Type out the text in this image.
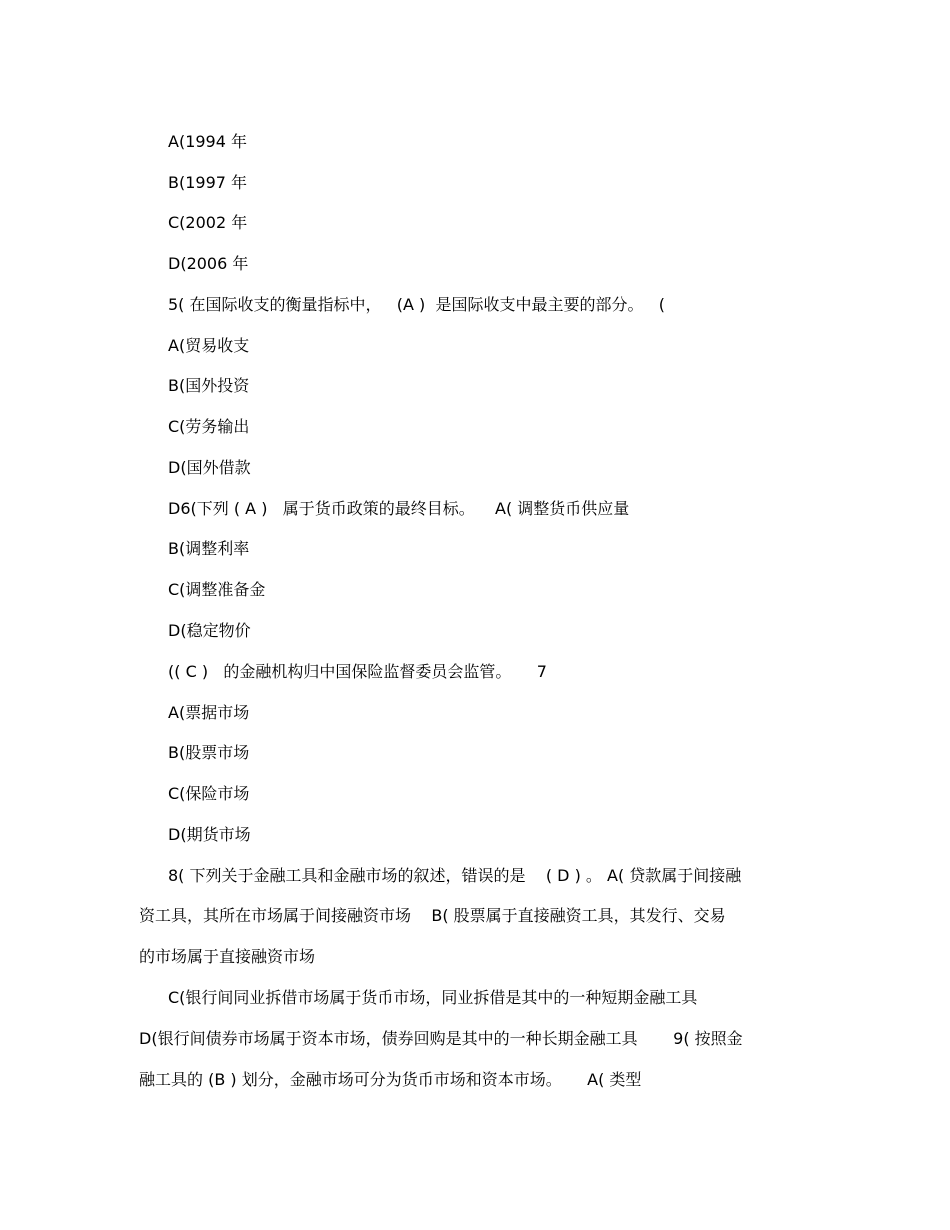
A(1994 年
B(1997 年
C(2002 年
D(2006 年
5( 在国际收支的衡量指标中，   (A )  是国际收支中最主要的部分。   (
A(贸易收支
B(国外投资
C(劳务输出
D(国外借款
D6(下列 ( A )   属于货币政策的最终目标。    A( 调整货币供应量
B(调整利率
C(调整准备金
D(稳定物价
(( C )   的金融机构归中国保险监督委员会监管。     7
A(票据市场
B(股票市场
C(保险市场
D(期货市场
8( 下列关于金融工具和金融市场的叙述，错误的是    ( D ) 。 A( 贷款属于间接融
资工具，其所在市场属于间接融资市场    B( 股票属于直接融资工具，其发行、交易
的市场属于直接融资市场
C(银行间同业拆借市场属于货币市场，同业拆借是其中的一种短期金融工具
D(银行间债券市场属于资本市场，债券回购是其中的一种长期金融工具       9( 按照金
融工具的 (B ) 划分，金融市场可分为货币市场和资本市场。     A( 类型
